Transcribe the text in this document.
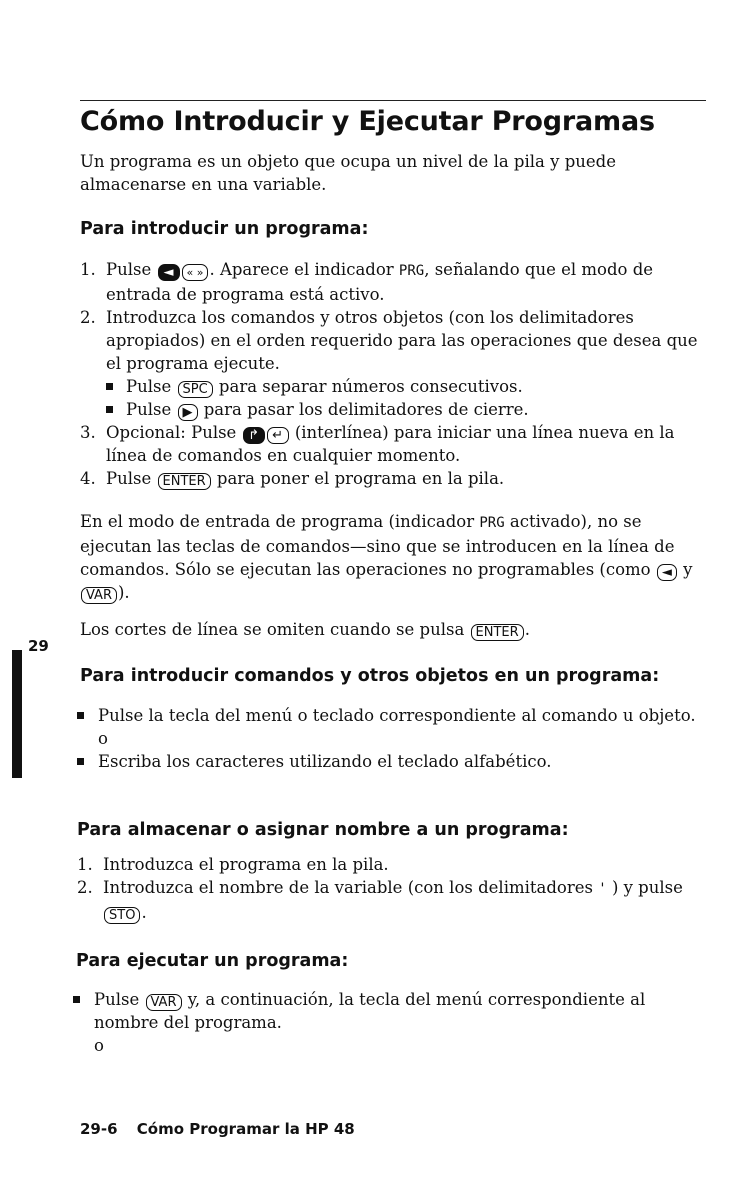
Cómo Introducir y Ejecutar Programas

Un programa es un objeto que ocupa un nivel de la pila y puede almacenarse en una variable.

Para introducir un programa:
1. Pulse ◄ « » . Aparece el indicador PRG, señalando que el modo de entrada de programa está activo.
2. Introduzca los comandos y otros objetos (con los delimitadores apropiados) en el orden requerido para las operaciones que desea que el programa ejecute.
Pulse SPC para separar números consecutivos.
Pulse ▶ para pasar los delimitadores de cierre.
3. Opcional: Pulse ↱ ↵ (interlínea) para iniciar una línea nueva en la línea de comandos en cualquier momento.
4. Pulse ENTER para poner el programa en la pila.

En el modo de entrada de programa (indicador PRG activado), no se ejecutan las teclas de comandos—sino que se introducen en la línea de comandos. Sólo se ejecutan las operaciones no programables (como ◄ y VAR ).

Los cortes de línea se omiten cuando se pulsa ENTER .

29
Para introducir comandos y otros objetos en un programa:
Pulse la tecla del menú o teclado correspondiente al comando u objeto.
o
Escriba los caracteres utilizando el teclado alfabético.
Para almacenar o asignar nombre a un programa:
1. Introduzca el programa en la pila.
2. Introduzca el nombre de la variable (con los delimitadores ' ) y pulse STO .
Para ejecutar un programa:
Pulse VAR y, a continuación, la tecla del menú correspondiente al nombre del programa.
o
29-6 Cómo Programar la HP 48
